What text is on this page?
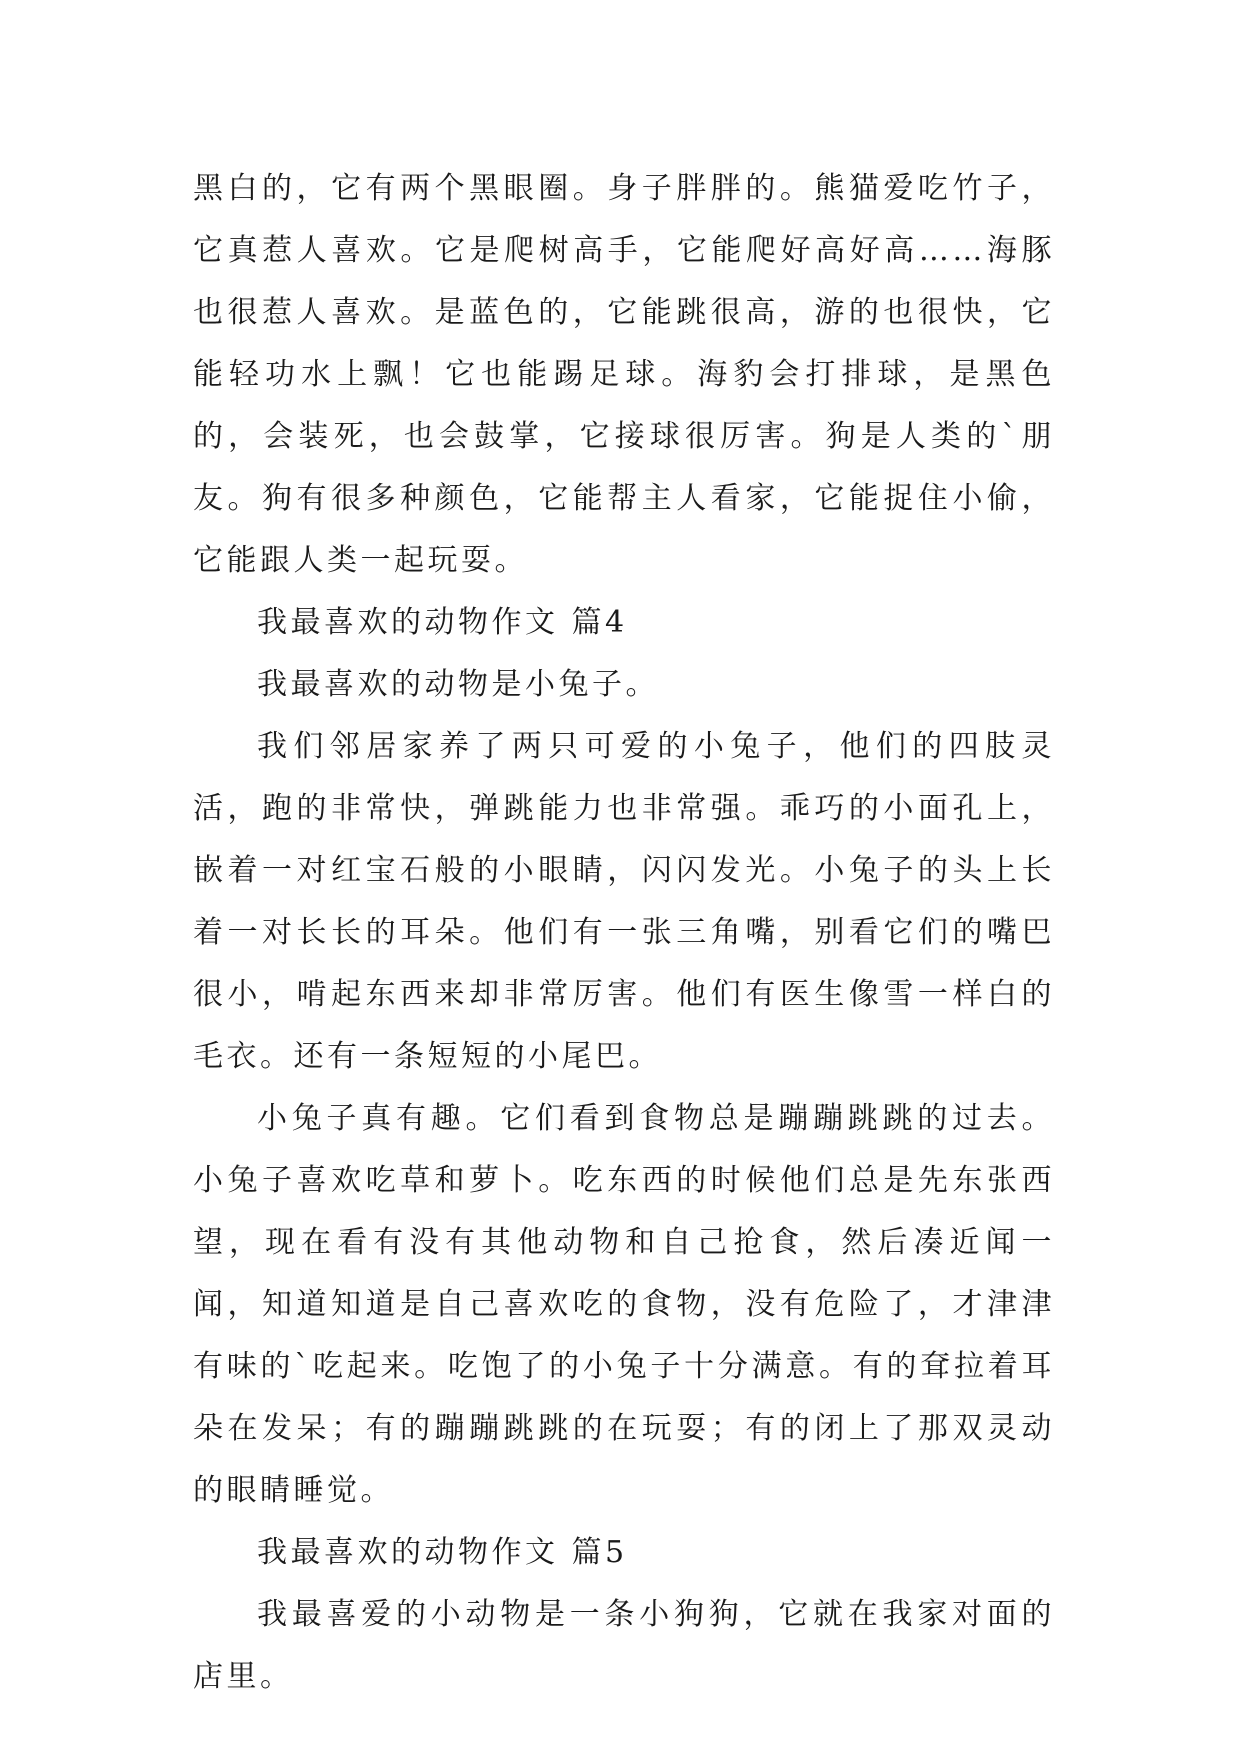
黑白的，它有两个黑眼圈。身子胖胖的。熊猫爱吃竹子，它真惹人喜欢。它是爬树高手，它能爬好高好高……海豚也很惹人喜欢。是蓝色的，它能跳很高，游的也很快，它能轻功水上飘！它也能踢足球。海豹会打排球，是黑色的，会装死，也会鼓掌，它接球很厉害。狗是人类的`朋友。狗有很多种颜色，它能帮主人看家，它能捉住小偷，它能跟人类一起玩耍。

我最喜欢的动物作文 篇4

我最喜欢的动物是小兔子。

我们邻居家养了两只可爱的小兔子，他们的四肢灵活，跑的非常快，弹跳能力也非常强。乖巧的小面孔上，嵌着一对红宝石般的小眼睛，闪闪发光。小兔子的头上长着一对长长的耳朵。他们有一张三角嘴，别看它们的嘴巴很小，啃起东西来却非常厉害。他们有医生像雪一样白的毛衣。还有一条短短的小尾巴。

小兔子真有趣。它们看到食物总是蹦蹦跳跳的过去。小兔子喜欢吃草和萝卜。吃东西的时候他们总是先东张西望，现在看有没有其他动物和自己抢食，然后凑近闻一闻，知道知道是自己喜欢吃的食物，没有危险了，才津津有味的`吃起来。吃饱了的小兔子十分满意。有的耷拉着耳朵在发呆；有的蹦蹦跳跳的在玩耍；有的闭上了那双灵动的眼睛睡觉。

我最喜欢的动物作文 篇5

我最喜爱的小动物是一条小狗狗，它就在我家对面的店里。
